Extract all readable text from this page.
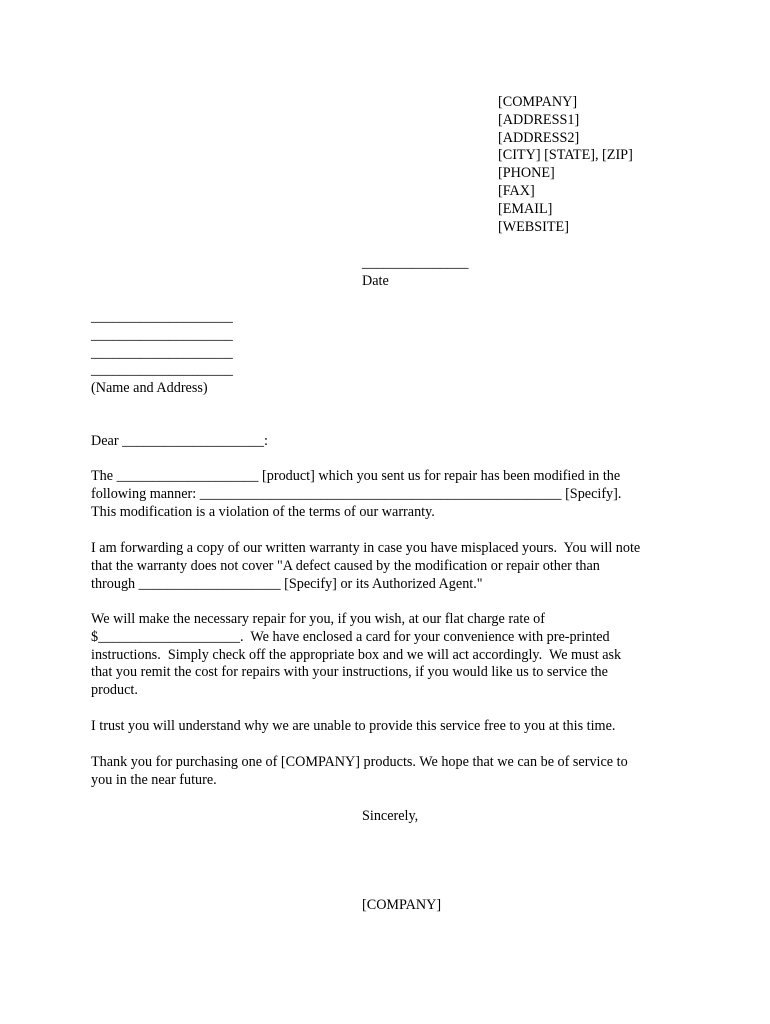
[COMPANY]
[ADDRESS1]
[ADDRESS2]
[CITY] [STATE], [ZIP]
[PHONE]
[FAX]
[EMAIL]
[WEBSITE]
_______________
Date
____________________
____________________
____________________
____________________
(Name and Address)
Dear ____________________:
The ____________________ [product] which you sent us for repair has been modified in the
following manner: ___________________________________________________ [Specify].
This modification is a violation of the terms of our warranty.
I am forwarding a copy of our written warranty in case you have misplaced yours.  You will note
that the warranty does not cover "A defect caused by the modification or repair other than
through ____________________ [Specify] or its Authorized Agent."
We will make the necessary repair for you, if you wish, at our flat charge rate of
$____________________.  We have enclosed a card for your convenience with pre-printed
instructions.  Simply check off the appropriate box and we will act accordingly.  We must ask
that you remit the cost for repairs with your instructions, if you would like us to service the
product.
I trust you will understand why we are unable to provide this service free to you at this time.
Thank you for purchasing one of [COMPANY] products. We hope that we can be of service to
you in the near future.
Sincerely,
[COMPANY]
